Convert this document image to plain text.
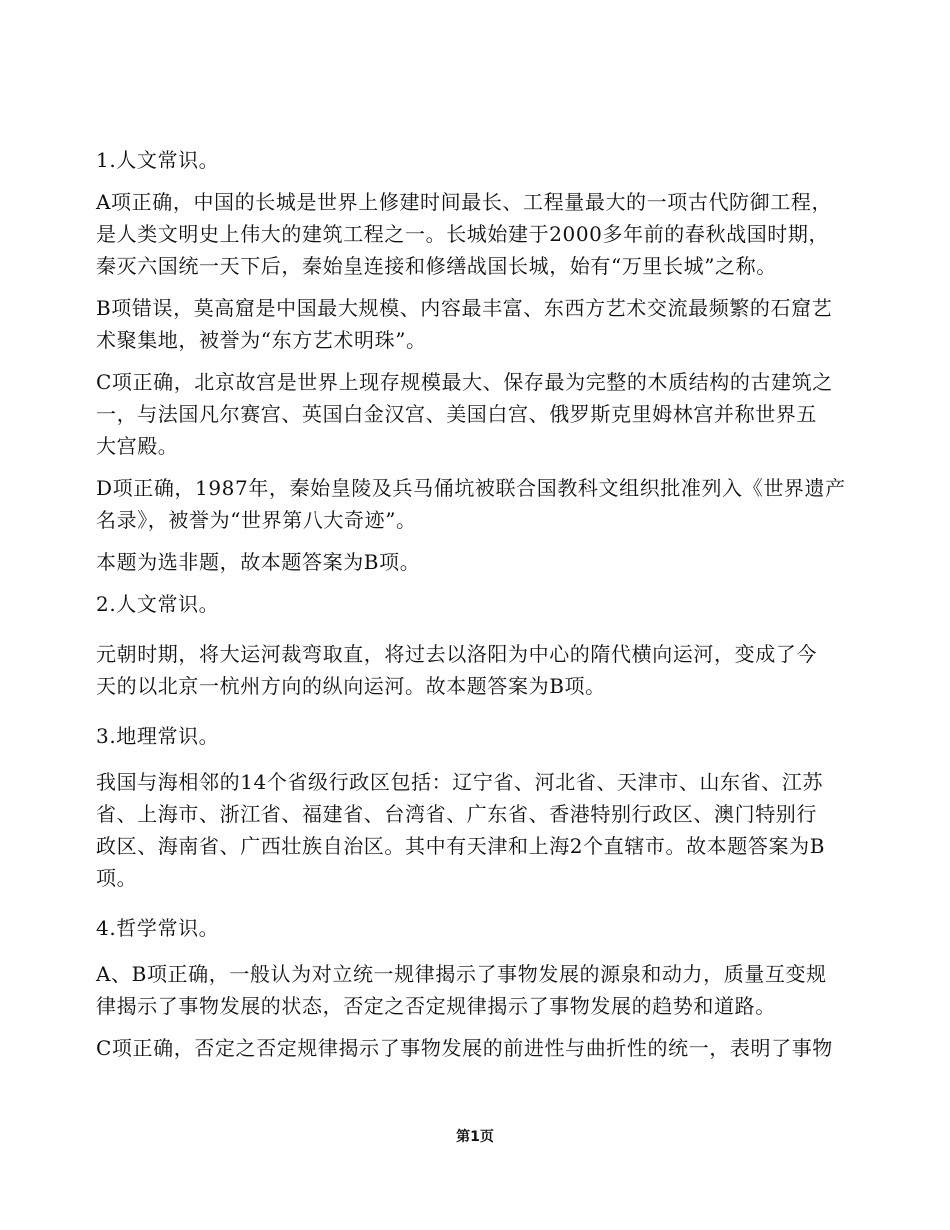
1.人文常识。
A项正确，中国的长城是世界上修建时间最长、工程量最大的一项古代防御工程，
是人类文明史上伟大的建筑工程之一。长城始建于2000多年前的春秋战国时期，
秦灭六国统一天下后，秦始皇连接和修缮战国长城，始有“万里长城”之称。
B项错误，莫高窟是中国最大规模、内容最丰富、东西方艺术交流最频繁的石窟艺
术聚集地，被誉为“东方艺术明珠”。
C项正确，北京故宫是世界上现存规模最大、保存最为完整的木质结构的古建筑之
一，与法国凡尔赛宫、英国白金汉宫、美国白宫、俄罗斯克里姆林宫并称世界五
大宫殿。
D项正确，1987年，秦始皇陵及兵马俑坑被联合国教科文组织批准列入《世界遗产
名录》，被誉为“世界第八大奇迹”。
本题为选非题，故本题答案为B项。
2.人文常识。
元朝时期，将大运河裁弯取直，将过去以洛阳为中心的隋代横向运河，变成了今
天的以北京一杭州方向的纵向运河。故本题答案为B项。
3.地理常识。
我国与海相邻的14个省级行政区包括：辽宁省、河北省、天津市、山东省、江苏
省、上海市、浙江省、福建省、台湾省、广东省、香港特别行政区、澳门特别行
政区、海南省、广西壮族自治区。其中有天津和上海2个直辖市。故本题答案为B
项。
4.哲学常识。
A、B项正确，一般认为对立统一规律揭示了事物发展的源泉和动力，质量互变规
律揭示了事物发展的状态，否定之否定规律揭示了事物发展的趋势和道路。
C项正确，否定之否定规律揭示了事物发展的前进性与曲折性的统一，表明了事物
第1页
